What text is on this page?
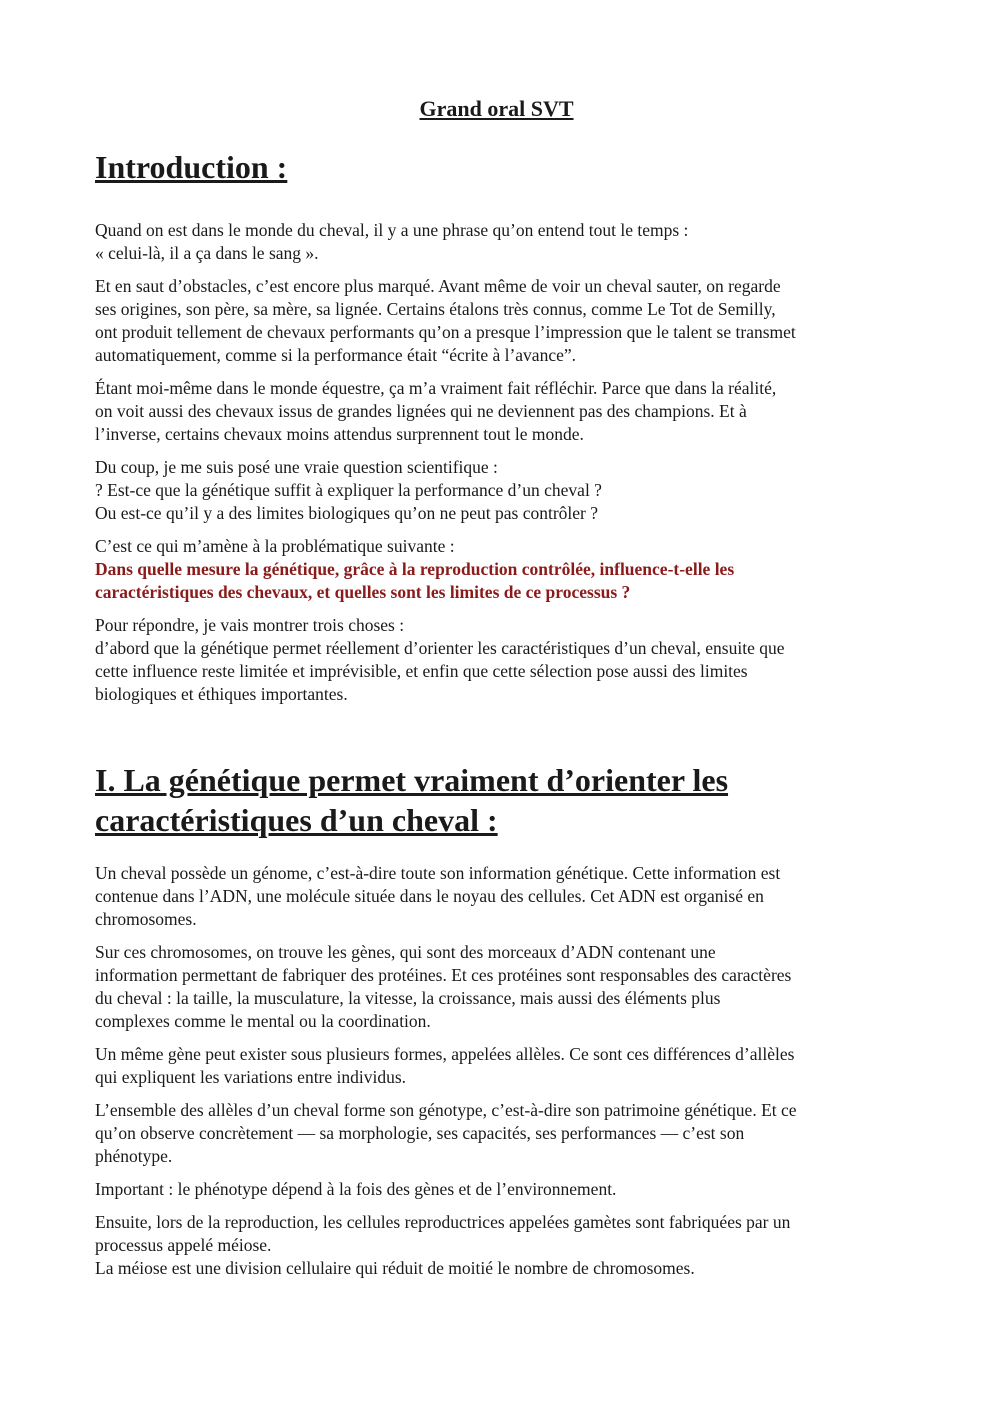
Grand oral SVT

Introduction :

Quand on est dans le monde du cheval, il y a une phrase qu’on entend tout le temps :
« celui-là, il a ça dans le sang ».

Et en saut d’obstacles, c’est encore plus marqué. Avant même de voir un cheval sauter, on regarde
ses origines, son père, sa mère, sa lignée. Certains étalons très connus, comme Le Tot de Semilly,
ont produit tellement de chevaux performants qu’on a presque l’impression que le talent se transmet
automatiquement, comme si la performance était “écrite à l’avance”.

Étant moi-même dans le monde équestre, ça m’a vraiment fait réfléchir. Parce que dans la réalité,
on voit aussi des chevaux issus de grandes lignées qui ne deviennent pas des champions. Et à
l’inverse, certains chevaux moins attendus surprennent tout le monde.

Du coup, je me suis posé une vraie question scientifique :
? Est-ce que la génétique suffit à expliquer la performance d’un cheval ?
Ou est-ce qu’il y a des limites biologiques qu’on ne peut pas contrôler ?

C’est ce qui m’amène à la problématique suivante :
Dans quelle mesure la génétique, grâce à la reproduction contrôlée, influence-t-elle les
caractéristiques des chevaux, et quelles sont les limites de ce processus ?

Pour répondre, je vais montrer trois choses :
d’abord que la génétique permet réellement d’orienter les caractéristiques d’un cheval, ensuite que
cette influence reste limitée et imprévisible, et enfin que cette sélection pose aussi des limites
biologiques et éthiques importantes.

I. La génétique permet vraiment d’orienter les
caractéristiques d’un cheval :

Un cheval possède un génome, c’est-à-dire toute son information génétique. Cette information est
contenue dans l’ADN, une molécule située dans le noyau des cellules. Cet ADN est organisé en
chromosomes.

Sur ces chromosomes, on trouve les gènes, qui sont des morceaux d’ADN contenant une
information permettant de fabriquer des protéines. Et ces protéines sont responsables des caractères
du cheval : la taille, la musculature, la vitesse, la croissance, mais aussi des éléments plus
complexes comme le mental ou la coordination.

Un même gène peut exister sous plusieurs formes, appelées allèles. Ce sont ces différences d’allèles
qui expliquent les variations entre individus.

L’ensemble des allèles d’un cheval forme son génotype, c’est-à-dire son patrimoine génétique. Et ce
qu’on observe concrètement — sa morphologie, ses capacités, ses performances — c’est son
phénotype.

Important : le phénotype dépend à la fois des gènes et de l’environnement.

Ensuite, lors de la reproduction, les cellules reproductrices appelées gamètes sont fabriquées par un
processus appelé méiose.
La méiose est une division cellulaire qui réduit de moitié le nombre de chromosomes.
